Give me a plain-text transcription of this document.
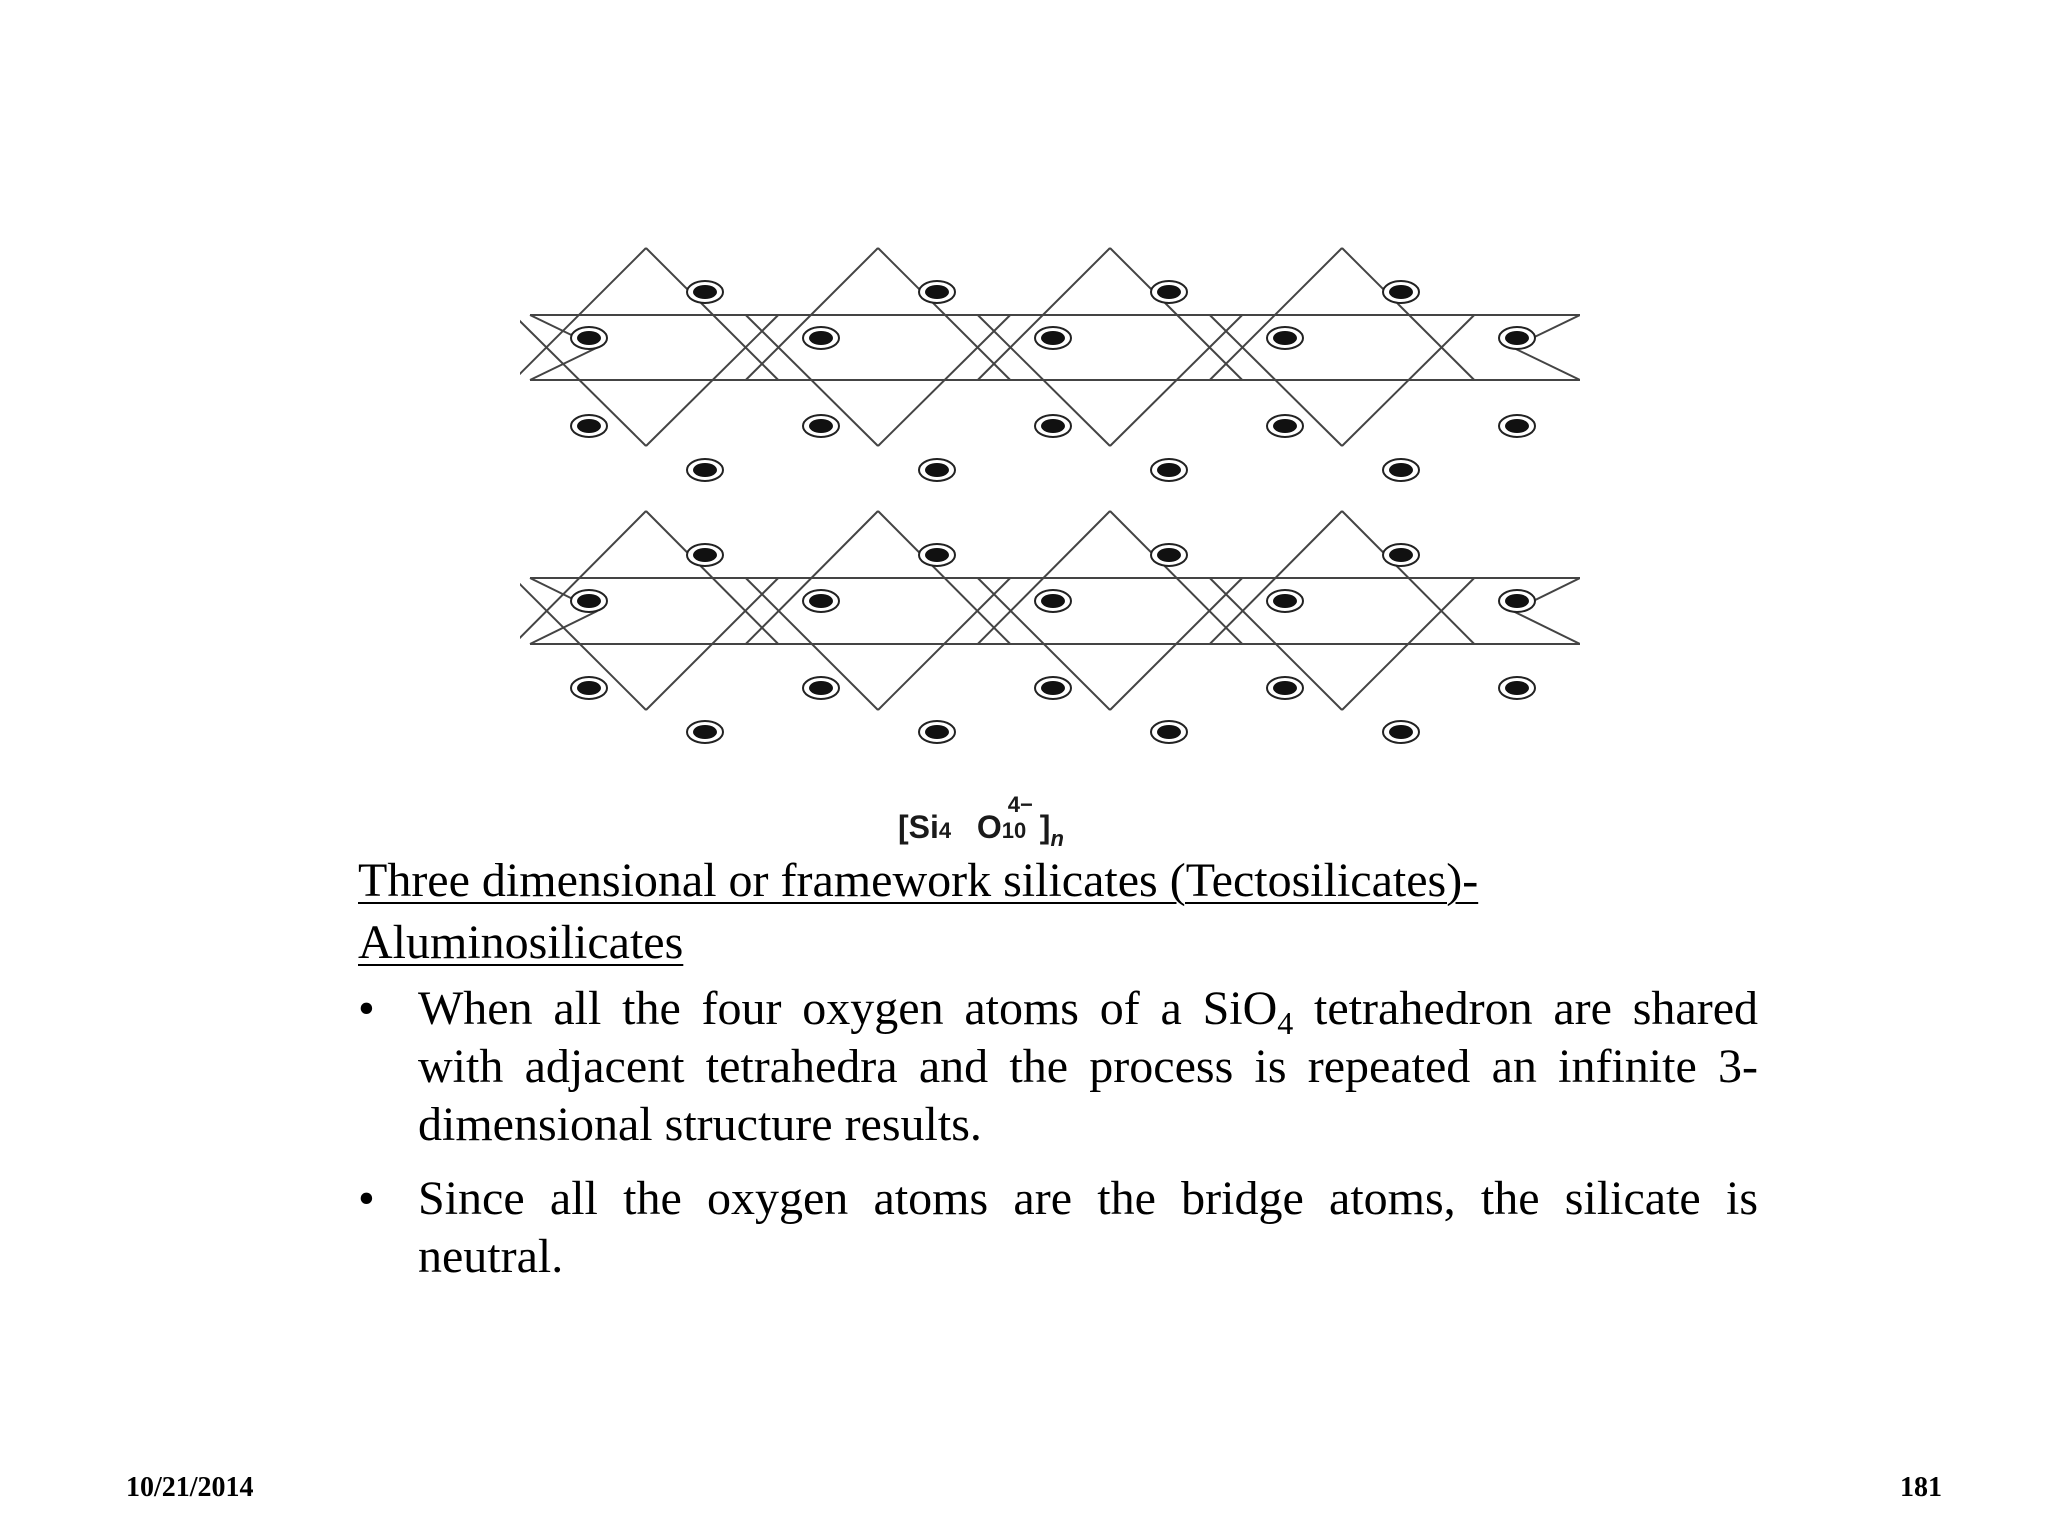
[Si 4 O
4−
10 ]$_n$
Three dimensional or framework silicates (Tectosilicates)-Aluminosilicates
• When all the four oxygen atoms of a SiO$_4$ tetrahedron are shared with adjacent tetrahedra and the process is repeated an infinite 3-dimensional structure results.
• Since all the oxygen atoms are the bridge atoms, the silicate is neutral.
10/21/2014	181
